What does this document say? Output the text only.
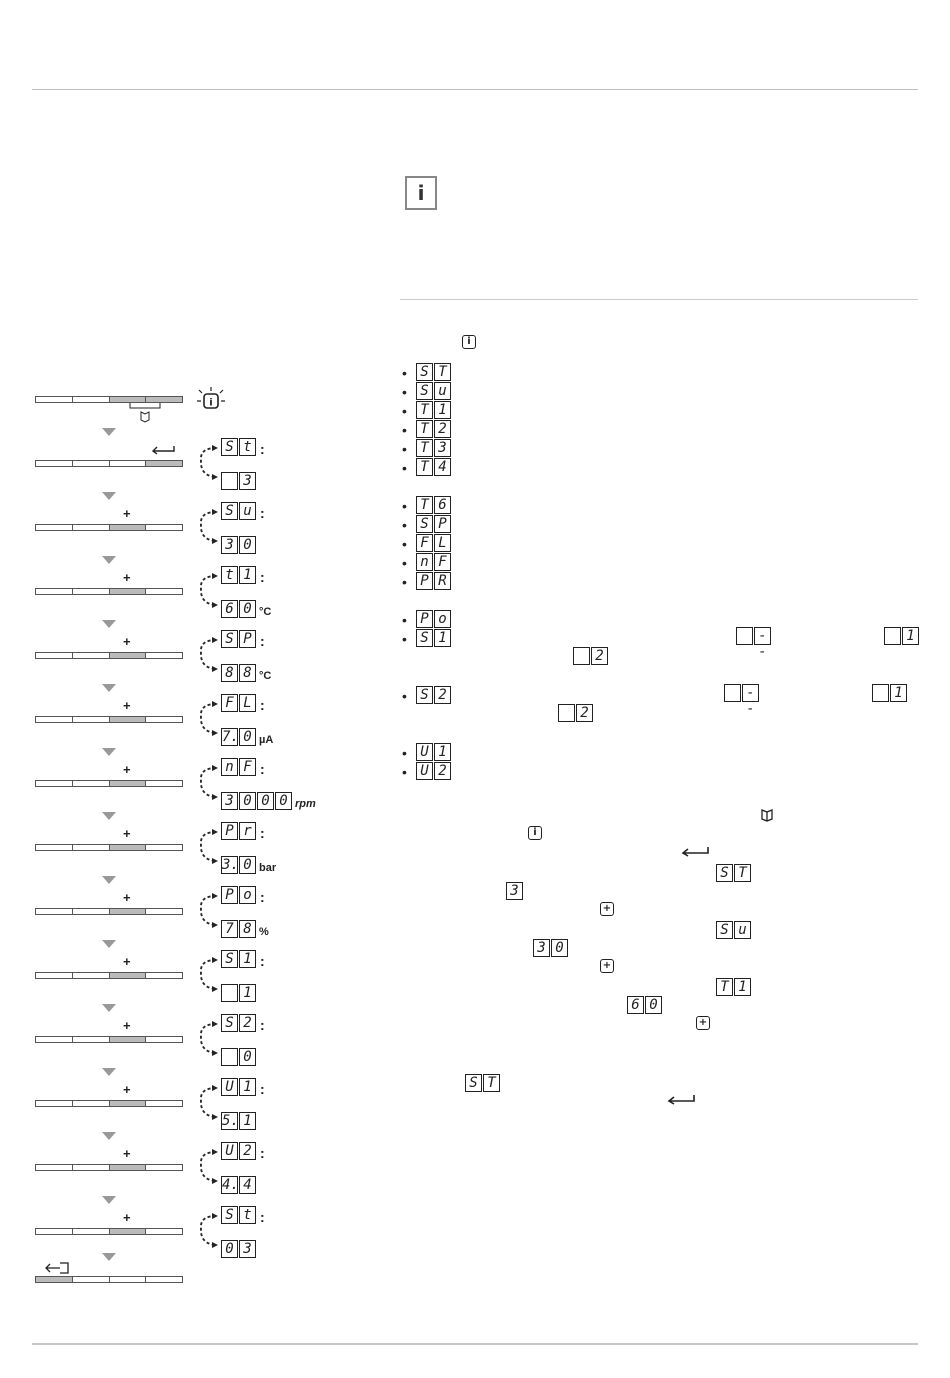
i
i
• S T
• S u
• T 1
• T 2
• T 3
• T 4
• T 6
• S P
• F L
• n F
• P R
• P o
• S 1
• S 2
• U 1
• U 2
--
1
2
--
1
2
S T
3
S u
3 0
T 1
6 0
S T
i
+
+
+
i
S t :
3
+	S u :
3 0
+	t 1 :
6 0 °C
+	S P :
8 8 °C
+	F L :
7. 0 µA
+	n F :
3 0 0 0 rpm
+	P r :
3. 0 bar
+	P o :
7 8 %
+	S 1 :
1
+	S 2 :
0
+	U 1 :
5. 1
+	U 2 :
4. 4
+	S t :
0 3
